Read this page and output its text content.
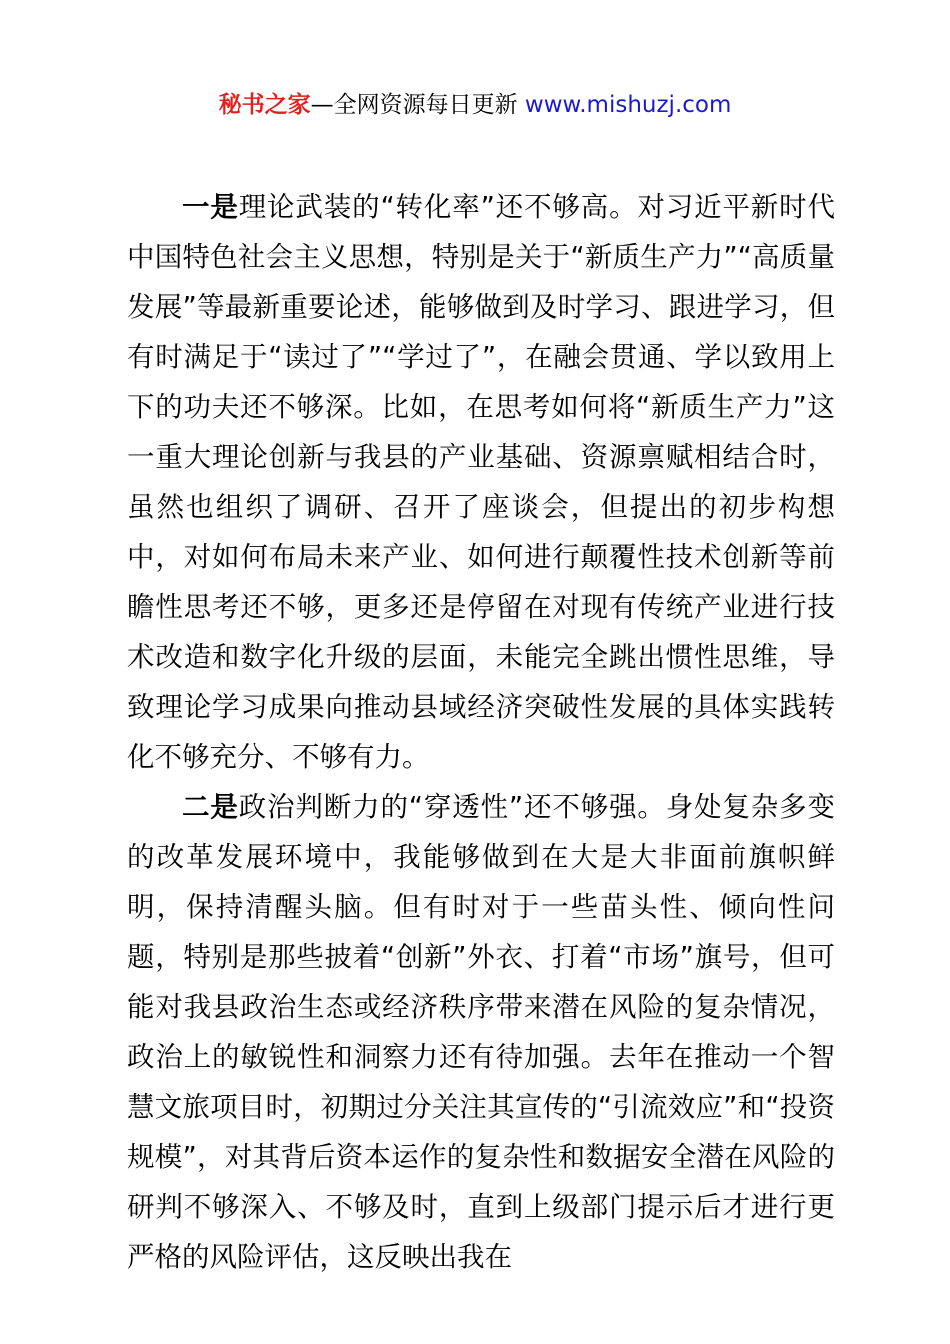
秘书之家—全网资源每日更新 www.mishuzj.com

一是理论武装的“转化率”还不够高。对习近平新时代中国特色社会主义思想，特别是关于“新质生产力”“高质量发展”等最新重要论述，能够做到及时学习、跟进学习，但有时满足于“读过了”“学过了”，在融会贯通、学以致用上下的功夫还不够深。比如，在思考如何将“新质生产力”这一重大理论创新与我县的产业基础、资源禀赋相结合时，虽然也组织了调研、召开了座谈会，但提出的初步构想中，对如何布局未来产业、如何进行颠覆性技术创新等前瞻性思考还不够，更多还是停留在对现有传统产业进行技术改造和数字化升级的层面，未能完全跳出惯性思维，导致理论学习成果向推动县域经济突破性发展的具体实践转化不够充分、不够有力。

二是政治判断力的“穿透性”还不够强。身处复杂多变的改革发展环境中，我能够做到在大是大非面前旗帜鲜明，保持清醒头脑。但有时对于一些苗头性、倾向性问题，特别是那些披着“创新”外衣、打着“市场”旗号，但可能对我县政治生态或经济秩序带来潜在风险的复杂情况，政治上的敏锐性和洞察力还有待加强。去年在推动一个智慧文旅项目时，初期过分关注其宣传的“引流效应”和“投资规模”，对其背后资本运作的复杂性和数据安全潜在风险的研判不够深入、不够及时，直到上级部门提示后才进行更严格的风险评估，这反映出我在
